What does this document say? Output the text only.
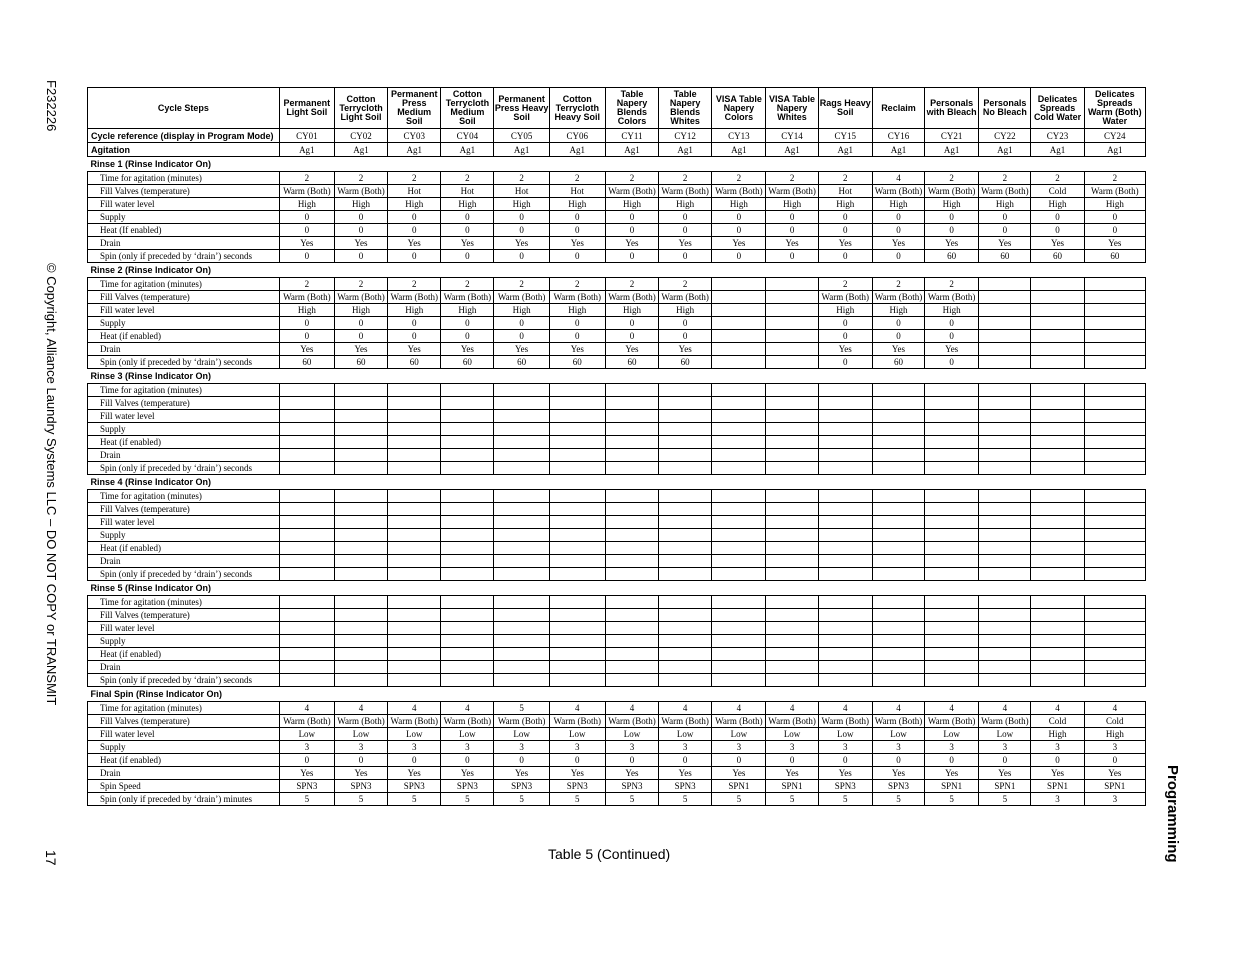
F232226
© Copyright, Alliance Laundry Systems LLC – DO NOT COPY or TRANSMIT
17	Programming
Cycle Steps	Permanent Light Soil	Cotton Terrycloth Light Soil	Permanent Press Medium Soil	Cotton Terrycloth Medium Soil	Permanent Press Heavy Soil	Cotton Terrycloth Heavy Soil	Table Napery Blends Colors	Table Napery Blends Whites	VISA Table Napery Colors	VISA Table Napery Whites	Rags Heavy Soil	Reclaim	Personals with Bleach	Personals No Bleach	Delicates Spreads Cold Water	Delicates Spreads Warm (Both) Water
Cycle reference (display in Program Mode)	CY01	CY02	CY03	CY04	CY05	CY06	CY11	CY12	CY13	CY14	CY15	CY16	CY21	CY22	CY23	CY24
Agitation	Ag1	Ag1	Ag1	Ag1	Ag1	Ag1	Ag1	Ag1	Ag1	Ag1	Ag1	Ag1	Ag1	Ag1	Ag1	Ag1
Rinse 1 (Rinse Indicator On)																
Time for agitation (minutes)	2	2	2	2	2	2	2	2	2	2	2	4	2	2	2	2
Fill Valves (temperature)	Warm (Both)	Warm (Both)	Hot	Hot	Hot	Hot	Warm (Both)	Warm (Both)	Warm (Both)	Warm (Both)	Hot	Warm (Both)	Warm (Both)	Warm (Both)	Cold	Warm (Both)
Fill water level	High	High	High	High	High	High	High	High	High	High	High	High	High	High	High	High
Supply	0	0	0	0	0	0	0	0	0	0	0	0	0	0	0	0
Heat (If enabled)	0	0	0	0	0	0	0	0	0	0	0	0	0	0	0	0
Drain	Yes	Yes	Yes	Yes	Yes	Yes	Yes	Yes	Yes	Yes	Yes	Yes	Yes	Yes	Yes	Yes
Spin (only if preceded by ‘drain’) seconds	0	0	0	0	0	0	0	0	0	0	0	0	60	60	60	60
Rinse 2 (Rinse Indicator On)																
Time for agitation (minutes)	2	2	2	2	2	2	2	2			2	2	2			
Fill Valves (temperature)	Warm (Both)	Warm (Both)	Warm (Both)	Warm (Both)	Warm (Both)	Warm (Both)	Warm (Both)	Warm (Both)			Warm (Both)	Warm (Both)	Warm (Both)			
Fill water level	High	High	High	High	High	High	High	High			High	High	High			
Supply	0	0	0	0	0	0	0	0			0	0	0			
Heat (if enabled)	0	0	0	0	0	0	0	0			0	0	0			
Drain	Yes	Yes	Yes	Yes	Yes	Yes	Yes	Yes			Yes	Yes	Yes			
Spin (only if preceded by ‘drain’) seconds	60	60	60	60	60	60	60	60			0	60	0			
Rinse 3 (Rinse Indicator On)																
Time for agitation (minutes)																
Fill Valves (temperature)																
Fill water level																
Supply																
Heat (if enabled)																
Drain																
Spin (only if preceded by ‘drain’) seconds																
Rinse 4 (Rinse Indicator On)																
Time for agitation (minutes)																
Fill Valves (temperature)																
Fill water level																
Supply																
Heat (if enabled)																
Drain																
Spin (only if preceded by ‘drain’) seconds																
Rinse 5 (Rinse Indicator On)																
Time for agitation (minutes)																
Fill Valves (temperature)																
Fill water level																
Supply																
Heat (if enabled)																
Drain																
Spin (only if preceded by ‘drain’) seconds																
Final Spin (Rinse Indicator On)																
Time for agitation (minutes)	4	4	4	4	5	4	4	4	4	4	4	4	4	4	4	4
Fill Valves (temperature)	Warm (Both)	Warm (Both)	Warm (Both)	Warm (Both)	Warm (Both)	Warm (Both)	Warm (Both)	Warm (Both)	Warm (Both)	Warm (Both)	Warm (Both)	Warm (Both)	Warm (Both)	Warm (Both)	Cold	Cold
Fill water level	Low	Low	Low	Low	Low	Low	Low	Low	Low	Low	Low	Low	Low	Low	High	High
Supply	3	3	3	3	3	3	3	3	3	3	3	3	3	3	3	3
Heat (if enabled)	0	0	0	0	0	0	0	0	0	0	0	0	0	0	0	0
Drain	Yes	Yes	Yes	Yes	Yes	Yes	Yes	Yes	Yes	Yes	Yes	Yes	Yes	Yes	Yes	Yes
Spin Speed	SPN3	SPN3	SPN3	SPN3	SPN3	SPN3	SPN3	SPN3	SPN1	SPN1	SPN3	SPN3	SPN1	SPN1	SPN1	SPN1
Spin (only if preceded by ‘drain’) minutes	5	5	5	5	5	5	5	5	5	5	5	5	5	5	3	3
Table 5 (Continued)
